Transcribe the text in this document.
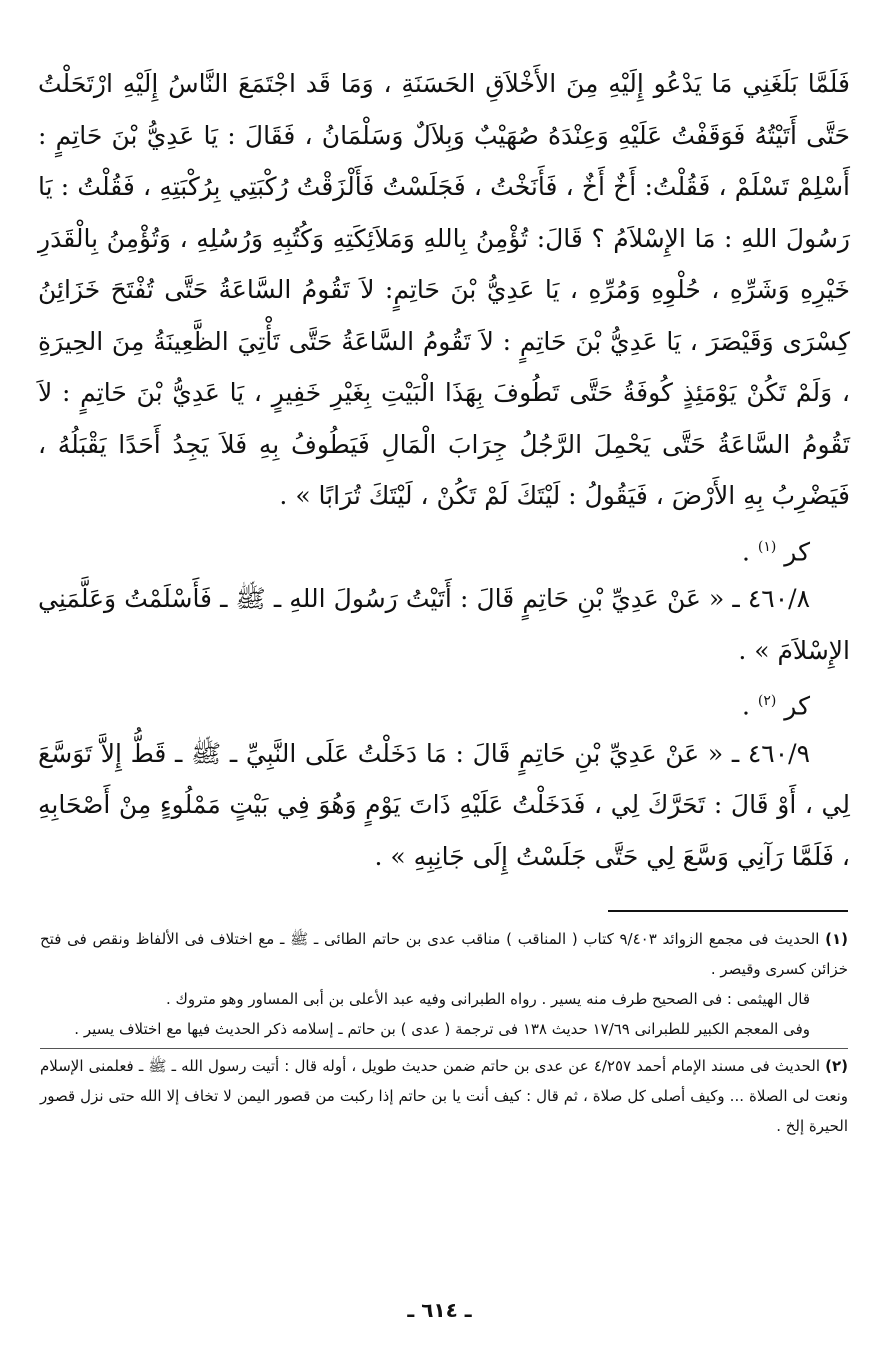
فَلَمَّا بَلَغَنِي مَا يَدْعُو إِلَيْهِ مِنَ الأَخْلاَقِ الحَسَنَةِ ، وَمَا قَد اجْتَمَعَ النَّاسُ إِلَيْهِ ارْتَحَلْتُ حَتَّى أَتَيْتُهُ فَوَقَفْتُ عَلَيْهِ وَعِنْدَهُ صُهَيْبٌ وَبِلاَلٌ وَسَلْمَانُ ، فَقَالَ : يَا عَدِيُّ بْنَ حَاتِمٍ : أَسْلِمْ تَسْلَمْ ، فَقُلْتُ: أَخٌ أَخٌ ، فَأَنَخْتُ ، فَجَلَسْتُ فَأَلْزَقْتُ رُكْبَتِي بِرُكْبَتِهِ ، فَقُلْتُ : يَا رَسُولَ اللهِ : مَا الإِسْلاَمُ ؟ قَالَ: تُؤْمِنُ بِاللهِ وَمَلاَئِكَتِهِ وَكُتُبِهِ وَرُسُلِهِ ، وَتُؤْمِنُ بِالْقَدَرِ خَيْرِهِ وَشَرِّهِ ، حُلْوِهِ وَمُرِّهِ ، يَا عَدِيُّ بْنَ حَاتِمٍ: لاَ تَقُومُ السَّاعَةُ حَتَّى تُفْتَحَ خَزَائِنُ كِسْرَى وَقَيْصَرَ ، يَا عَدِيُّ بْنَ حَاتِمٍ : لاَ تَقُومُ السَّاعَةُ حَتَّى تَأْتِيَ الظَّعِينَةُ مِنَ الحِيرَةِ ، وَلَمْ تَكُنْ يَوْمَئِذٍ كُوفَةُ حَتَّى تَطُوفَ بِهَذَا الْبَيْتِ بِغَيْرِ خَفِيرٍ ، يَا عَدِيُّ بْنَ حَاتِمٍ : لاَ تَقُومُ السَّاعَةُ حَتَّى يَحْمِلَ الرَّجُلُ جِرَابَ الْمَالِ فَيَطُوفُ بِهِ فَلاَ يَجِدُ أَحَدًا يَقْبَلُهُ ، فَيَضْرِبُ بِهِ الأَرْضَ ، فَيَقُولُ : لَيْتَكَ لَمْ تَكُنْ ، لَيْتَكَ تُرَابًا » .

كر $^{(١)}$ .

٤٦٠/٨ ـ « عَنْ عَدِيِّ بْنِ حَاتِمٍ قَالَ : أَتَيْتُ رَسُولَ اللهِ ـ ﷺ ـ فَأَسْلَمْتُ وَعَلَّمَنِي الإِسْلاَمَ » .

كر $^{(٢)}$ .

٤٦٠/٩ ـ « عَنْ عَدِيِّ بْنِ حَاتِمٍ قَالَ : مَا دَخَلْتُ عَلَى النَّبِيِّ ـ ﷺ ـ قَطُّ إِلاَّ تَوَسَّعَ لِي ، أَوْ قَالَ : تَحَرَّكَ لِي ، فَدَخَلْتُ عَلَيْهِ ذَاتَ يَوْمٍ وَهُوَ فِي بَيْتٍ مَمْلُوءٍ مِنْ أَصْحَابِهِ ، فَلَمَّا رَآنِي وَسَّعَ لِي حَتَّى جَلَسْتُ إِلَى جَانِبِهِ » .

(١) الحديث فى مجمع الزوائد ٩/٤٠٣ كتاب ( المناقب ) مناقب عدى بن حاتم الطائى ـ ﷺ ـ مع اختلاف فى الألفاظ ونقص فى فتح خزائن كسرى وقيصر .

قال الهيثمى : فى الصحيح طرف منه يسير . رواه الطبرانى وفيه عبد الأعلى بن أبى المساور وهو متروك .

وفى المعجم الكبير للطبرانى ١٧/٦٩ حديث ١٣٨ فى ترجمة ( عدى ) بن حاتم ـ إسلامه ذكر الحديث فيها مع اختلاف يسير .

(٢) الحديث فى مسند الإمام أحمد ٤/٢٥٧ عن عدى بن حاتم ضمن حديث طويل ، أوله قال : أتيت رسول الله ـ ﷺ ـ فعلمنى الإسلام ونعت لى الصلاة ... وكيف أصلى كل صلاة ، ثم قال : كيف أنت يا بن حاتم إذا ركبت من قصور اليمن لا تخاف إلا الله حتى نزل قصور الحيرة إلخ .

ـ ٦١٤ ـ
